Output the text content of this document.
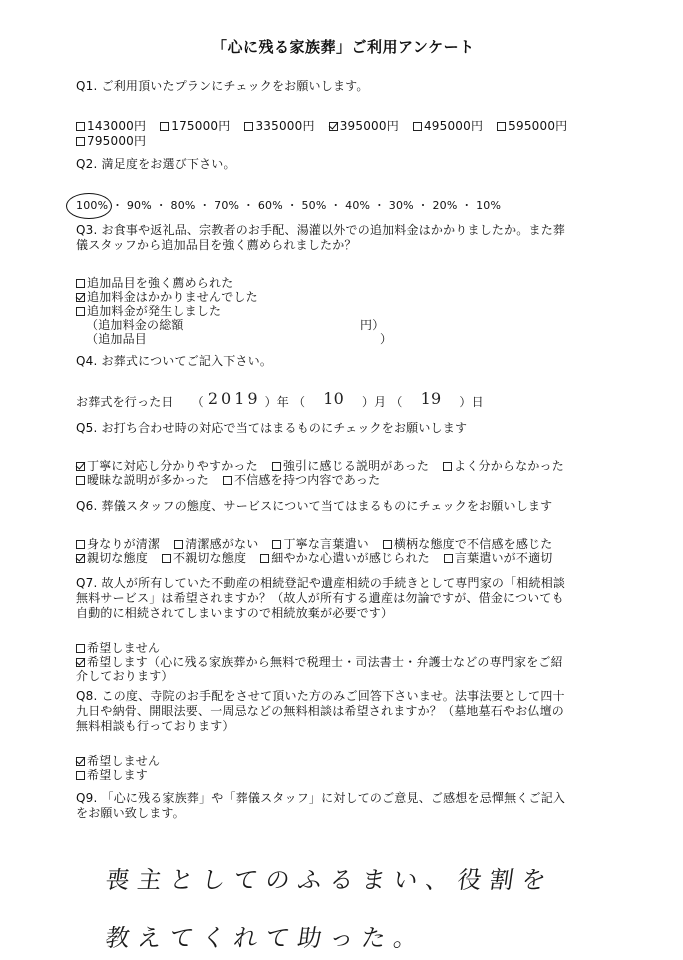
「心に残る家族葬」ご利用アンケート
Q1. ご利用頂いたプランにチェックをお願いします。
143000円 175000円 335000円 395000円 495000円 595000円
795000円
Q2. 満足度をお選び下さい。
100% ・ 90% ・ 80% ・ 70% ・ 60% ・ 50% ・ 40% ・ 30% ・ 20% ・ 10%
Q3. お食事や返礼品、宗教者のお手配、湯灌以外での追加料金はかかりましたか。また葬
儀スタッフから追加品目を強く薦められましたか？
追加品目を強く薦められた
追加料金はかかりませんでした
追加料金が発生しました
（追加料金の総額	円）
（追加品目	）
Q4. お葬式についてご記入下さい。
お葬式を行った日 （ 2019 ）年 （ 10 ）月 （ 19 ）日
Q5. お打ち合わせ時の対応で当てはまるものにチェックをお願いします
丁寧に対応し分かりやすかった 強引に感じる説明があった よく分からなかった
曖昧な説明が多かった 不信感を持つ内容であった
Q6. 葬儀スタッフの態度、サービスについて当てはまるものにチェックをお願いします
身なりが清潔 清潔感がない 丁寧な言葉遣い 横柄な態度で不信感を感じた
親切な態度 不親切な態度 細やかな心遣いが感じられた 言葉遣いが不適切
Q7. 故人が所有していた不動産の相続登記や遺産相続の手続きとして専門家の「相続相談
無料サービス」は希望されますか？（故人が所有する遺産は勿論ですが、借金についても
自動的に相続されてしまいますので相続放棄が必要です）
希望しません
希望します（心に残る家族葬から無料で税理士・司法書士・弁護士などの専門家をご紹
介しております）
Q8. この度、寺院のお手配をさせて頂いた方のみご回答下さいませ。法事法要として四十
九日や納骨、開眼法要、一周忌などの無料相談は希望されますか？（墓地墓石やお仏壇の
無料相談も行っております）
希望しません
希望します
Q9. 「心に残る家族葬」や「葬儀スタッフ」に対してのご意見、ご感想を忌憚無くご記入
をお願い致します。
喪主としてのふるまい、役割を
教えてくれて助った。
